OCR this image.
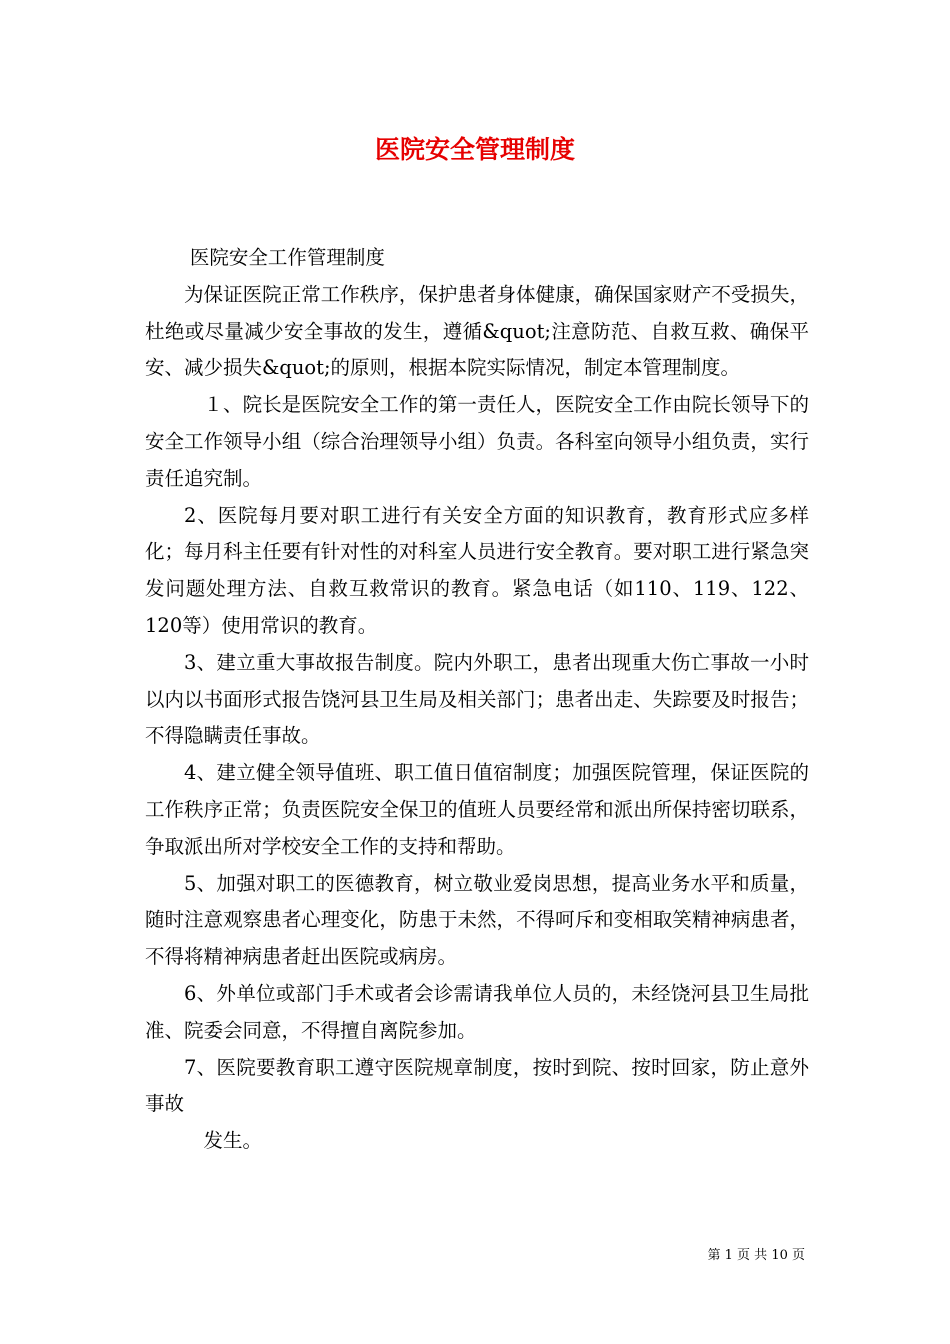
医院安全管理制度

医院安全工作管理制度

为保证医院正常工作秩序，保护患者身体健康，确保国家财产不受损失，杜绝或尽量减少安全事故的发生，遵循&quot;注意防范、自救互救、确保平安、减少损失&quot;的原则，根据本院实际情况，制定本管理制度。

１、院长是医院安全工作的第一责任人，医院安全工作由院长领导下的安全工作领导小组（综合治理领导小组）负责。各科室向领导小组负责，实行责任追究制。

2、医院每月要对职工进行有关安全方面的知识教育，教育形式应多样化；每月科主任要有针对性的对科室人员进行安全教育。要对职工进行紧急突发问题处理方法、自救互救常识的教育。紧急电话（如110、119、122、120等）使用常识的教育。

3、建立重大事故报告制度。院内外职工，患者出现重大伤亡事故一小时以内以书面形式报告饶河县卫生局及相关部门；患者出走、失踪要及时报告；不得隐瞒责任事故。

4、建立健全领导值班、职工值日值宿制度；加强医院管理，保证医院的工作秩序正常；负责医院安全保卫的值班人员要经常和派出所保持密切联系，争取派出所对学校安全工作的支持和帮助。

5、加强对职工的医德教育，树立敬业爱岗思想，提高业务水平和质量，随时注意观察患者心理变化，防患于未然，不得呵斥和变相取笑精神病患者，不得将精神病患者赶出医院或病房。

6、外单位或部门手术或者会诊需请我单位人员的，未经饶河县卫生局批准、院委会同意，不得擅自离院参加。

7、医院要教育职工遵守医院规章制度，按时到院、按时回家，防止意外事故

发生。

第 1 页 共 10 页
